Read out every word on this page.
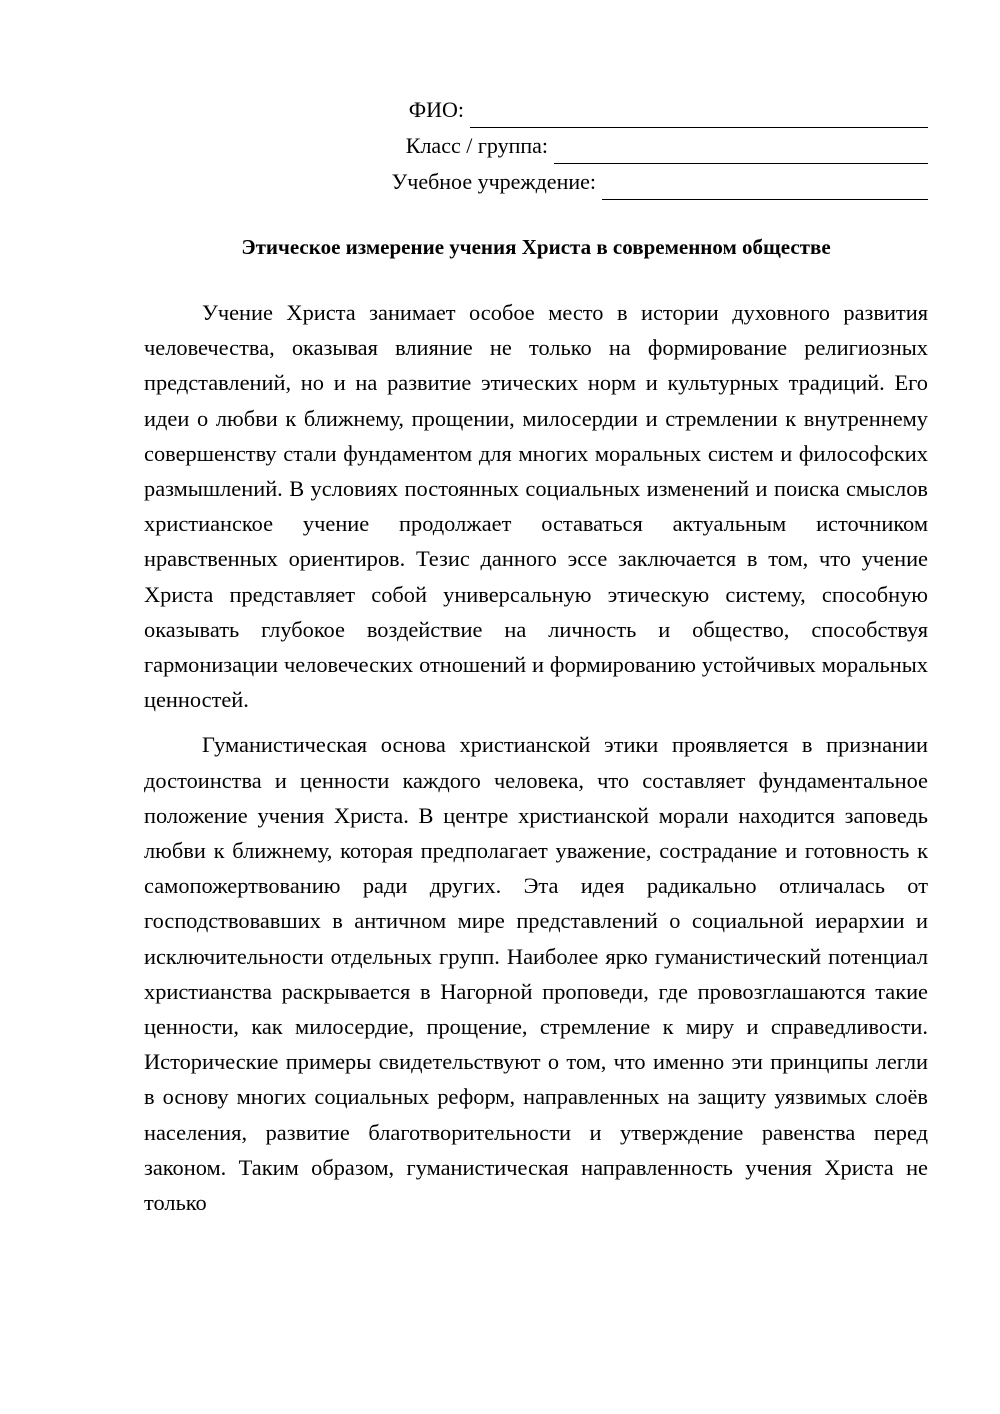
ФИО:
Класс / группа:
Учебное учреждение:
Этическое измерение учения Христа в современном обществе

Учение Христа занимает особое место в истории духовного развития человечества, оказывая влияние не только на формирование религиозных представлений, но и на развитие этических норм и культурных традиций. Его идеи о любви к ближнему, прощении, милосердии и стремлении к внутреннему совершенству стали фундаментом для многих моральных систем и философских размышлений. В условиях постоянных социальных изменений и поиска смыслов христианское учение продолжает оставаться актуальным источником нравственных ориентиров. Тезис данного эссе заключается в том, что учение Христа представляет собой универсальную этическую систему, способную оказывать глубокое воздействие на личность и общество, способствуя гармонизации человеческих отношений и формированию устойчивых моральных ценностей.

Гуманистическая основа христианской этики проявляется в признании достоинства и ценности каждого человека, что составляет фундаментальное положение учения Христа. В центре христианской морали находится заповедь любви к ближнему, которая предполагает уважение, сострадание и готовность к самопожертвованию ради других. Эта идея радикально отличалась от господствовавших в античном мире представлений о социальной иерархии и исключительности отдельных групп. Наиболее ярко гуманистический потенциал христианства раскрывается в Нагорной проповеди, где провозглашаются такие ценности, как милосердие, прощение, стремление к миру и справедливости. Исторические примеры свидетельствуют о том, что именно эти принципы легли в основу многих социальных реформ, направленных на защиту уязвимых слоёв населения, развитие благотворительности и утверждение равенства перед законом. Таким образом, гуманистическая направленность учения Христа не только
